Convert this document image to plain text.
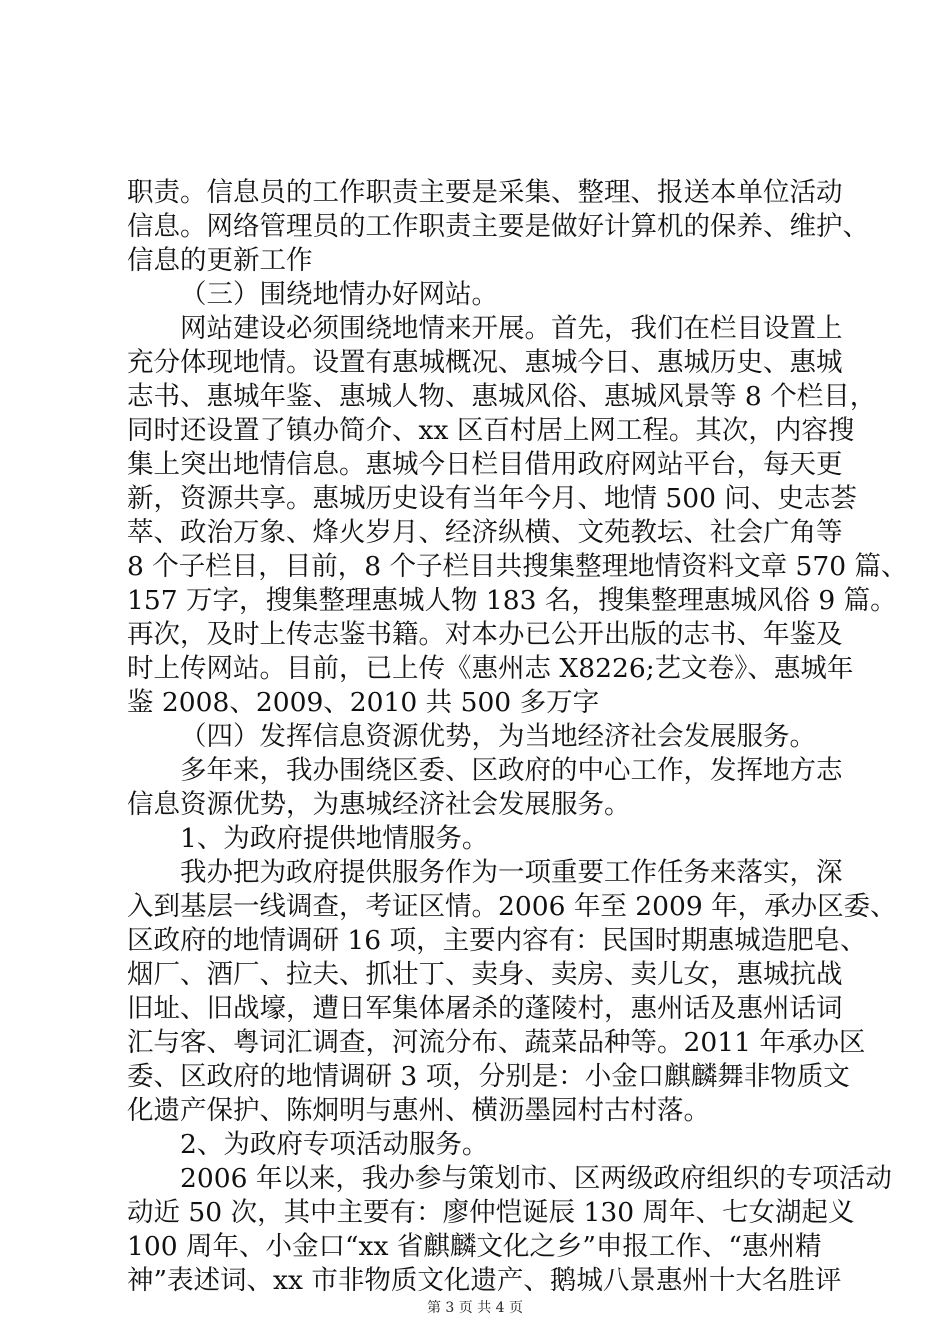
职责。信息员的工作职责主要是采集、整理、报送本单位活动
信息。网络管理员的工作职责主要是做好计算机的保养、维护、
信息的更新工作
（三）围绕地情办好网站。
网站建设必须围绕地情来开展。首先，我们在栏目设置上
充分体现地情。设置有惠城概况、惠城今日、惠城历史、惠城
志书、惠城年鉴、惠城人物、惠城风俗、惠城风景等 8 个栏目，
同时还设置了镇办简介、xx 区百村居上网工程。其次，内容搜
集上突出地情信息。惠城今日栏目借用政府网站平台，每天更
新，资源共享。惠城历史设有当年今月、地情 500 问、史志荟
萃、政治万象、烽火岁月、经济纵横、文苑教坛、社会广角等
8 个子栏目，目前，8 个子栏目共搜集整理地情资料文章 570 篇、
157 万字，搜集整理惠城人物 183 名，搜集整理惠城风俗 9 篇。
再次，及时上传志鉴书籍。对本办已公开出版的志书、年鉴及
时上传网站。目前，已上传《惠州志 X8226;艺文卷》、惠城年
鉴 2008、2009、2010 共 500 多万字
（四）发挥信息资源优势，为当地经济社会发展服务。
多年来，我办围绕区委、区政府的中心工作，发挥地方志
信息资源优势，为惠城经济社会发展服务。
1、为政府提供地情服务。
我办把为政府提供服务作为一项重要工作任务来落实，深
入到基层一线调查，考证区情。2006 年至 2009 年，承办区委、
区政府的地情调研 16 项，主要内容有：民国时期惠城造肥皂、
烟厂、酒厂、拉夫、抓壮丁、卖身、卖房、卖儿女，惠城抗战
旧址、旧战壕，遭日军集体屠杀的蓬陵村，惠州话及惠州话词
汇与客、粤词汇调查，河流分布、蔬菜品种等。2011 年承办区
委、区政府的地情调研 3 项，分别是：小金口麒麟舞非物质文
化遗产保护、陈炯明与惠州、横沥墨园村古村落。
2、为政府专项活动服务。
2006 年以来，我办参与策划市、区两级政府组织的专项活动
动近 50 次，其中主要有：廖仲恺诞辰 130 周年、七女湖起义
100 周年、小金口“xx 省麒麟文化之乡”申报工作、“惠州精
神”表述词、xx 市非物质文化遗产、鹅城八景惠州十大名胜评
第 3 页 共 4 页
